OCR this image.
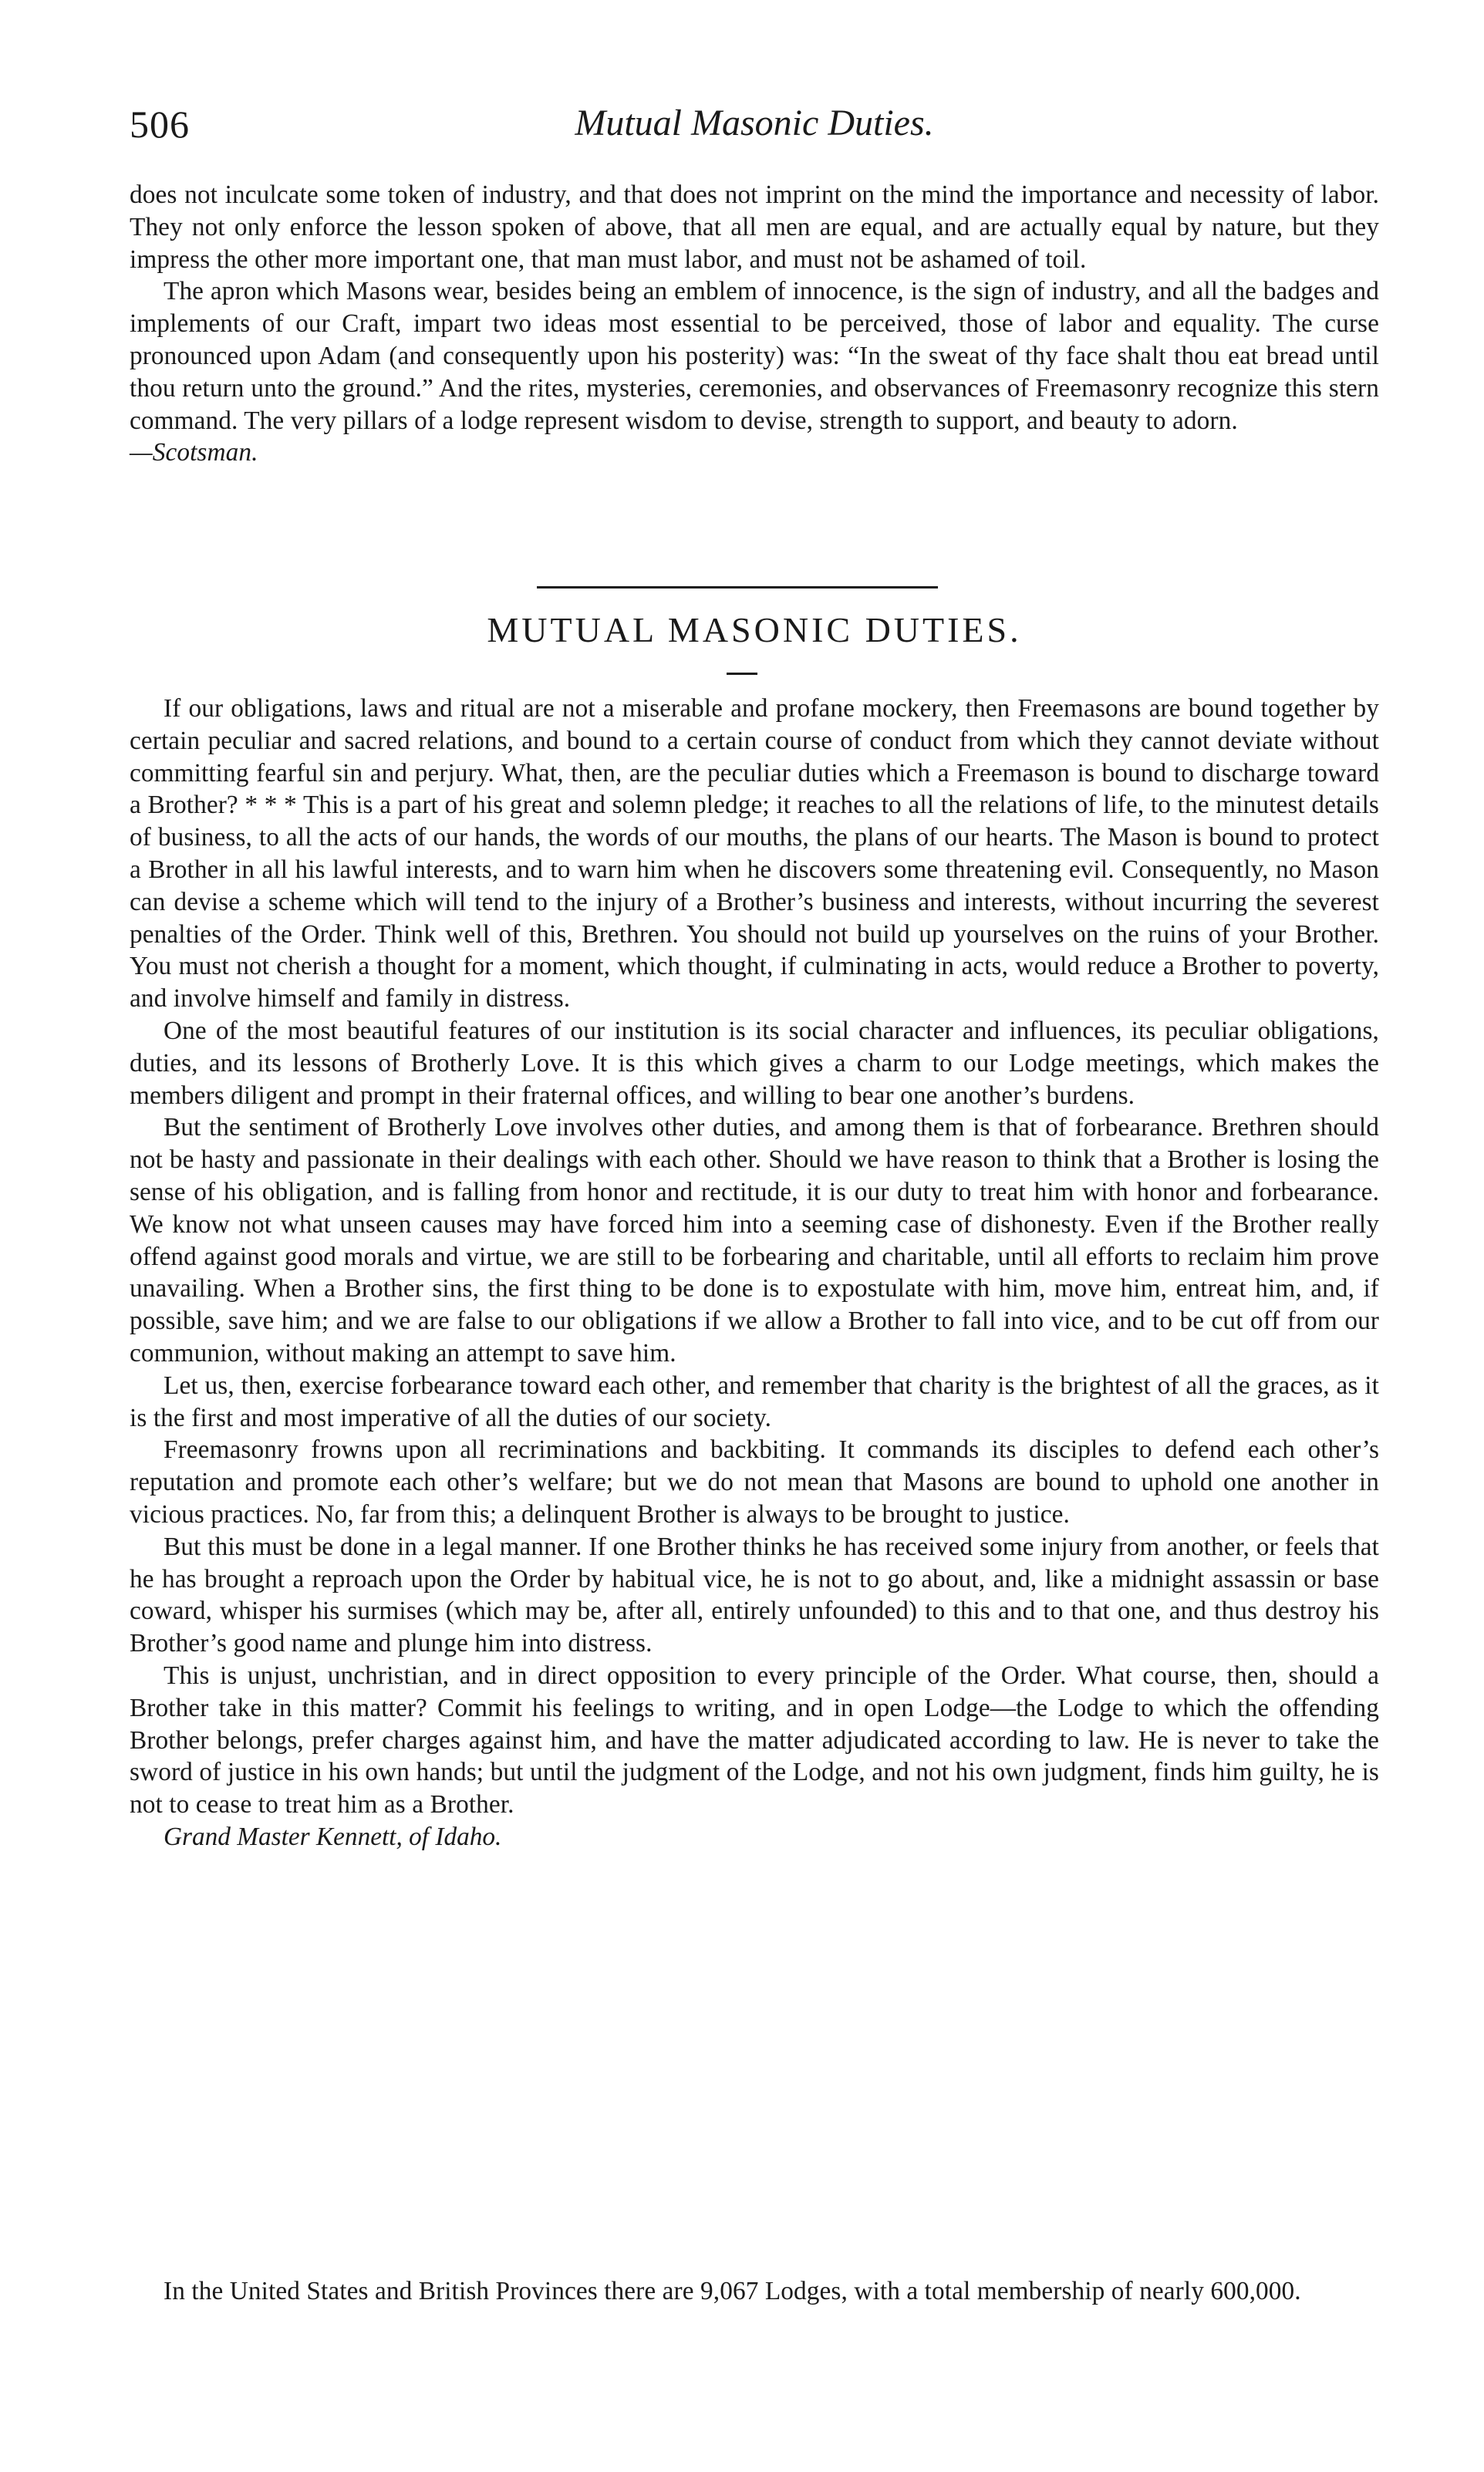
506	Mutual Masonic Duties.

does not inculcate some token of industry, and that does not imprint on the mind the importance and necessity of labor. They not only enforce the lesson spoken of above, that all men are equal, and are actually equal by nature, but they impress the other more important one, that man must labor, and must not be ashamed of toil.

The apron which Masons wear, besides being an emblem of innocence, is the sign of industry, and all the badges and implements of our Craft, impart two ideas most essential to be perceived, those of labor and equality. The curse pronounced upon Adam (and consequently upon his posterity) was: “In the sweat of thy face shalt thou eat bread until thou return unto the ground.” And the rites, mysteries, ceremonies, and observances of Freemasonry recognize this stern command. The very pillars of a lodge represent wisdom to devise, strength to support, and beauty to adorn.

—Scotsman.

MUTUAL MASONIC DUTIES.

If our obligations, laws and ritual are not a miserable and profane mockery, then Freemasons are bound together by certain peculiar and sacred relations, and bound to a certain course of conduct from which they cannot deviate without committing fearful sin and perjury. What, then, are the peculiar duties which a Freemason is bound to discharge toward a Brother? * * * This is a part of his great and solemn pledge; it reaches to all the relations of life, to the minutest details of business, to all the acts of our hands, the words of our mouths, the plans of our hearts. The Mason is bound to protect a Brother in all his lawful interests, and to warn him when he discovers some threatening evil. Consequently, no Mason can devise a scheme which will tend to the injury of a Brother’s business and interests, without incurring the severest penalties of the Order. Think well of this, Brethren. You should not build up yourselves on the ruins of your Brother. You must not cherish a thought for a moment, which thought, if culminating in acts, would reduce a Brother to poverty, and involve himself and family in distress.

One of the most beautiful features of our institution is its social character and influences, its peculiar obligations, duties, and its lessons of Brotherly Love. It is this which gives a charm to our Lodge meetings, which makes the members diligent and prompt in their fraternal offices, and willing to bear one another’s burdens.

But the sentiment of Brotherly Love involves other duties, and among them is that of forbearance. Brethren should not be hasty and passionate in their dealings with each other. Should we have reason to think that a Brother is losing the sense of his obligation, and is falling from honor and rectitude, it is our duty to treat him with honor and forbearance. We know not what unseen causes may have forced him into a seeming case of dishonesty. Even if the Brother really offend against good morals and virtue, we are still to be forbearing and charitable, until all efforts to reclaim him prove unavailing. When a Brother sins, the first thing to be done is to expostulate with him, move him, entreat him, and, if possible, save him; and we are false to our obligations if we allow a Brother to fall into vice, and to be cut off from our communion, without making an attempt to save him.

Let us, then, exercise forbearance toward each other, and remember that charity is the brightest of all the graces, as it is the first and most imperative of all the duties of our society.

Freemasonry frowns upon all recriminations and backbiting. It commands its disciples to defend each other’s reputation and promote each other’s welfare; but we do not mean that Masons are bound to uphold one another in vicious practices. No, far from this; a delinquent Brother is always to be brought to justice.

But this must be done in a legal manner. If one Brother thinks he has received some injury from another, or feels that he has brought a reproach upon the Order by habitual vice, he is not to go about, and, like a midnight assassin or base coward, whisper his surmises (which may be, after all, entirely unfounded) to this and to that one, and thus destroy his Brother’s good name and plunge him into distress.

This is unjust, unchristian, and in direct opposition to every principle of the Order. What course, then, should a Brother take in this matter? Commit his feelings to writing, and in open Lodge—the Lodge to which the offending Brother belongs, prefer charges against him, and have the matter adjudicated according to law. He is never to take the sword of justice in his own hands; but until the judgment of the Lodge, and not his own judgment, finds him guilty, he is not to cease to treat him as a Brother.

Grand Master Kennett, of Idaho.

In the United States and British Provinces there are 9,067 Lodges, with a total membership of nearly 600,000.
